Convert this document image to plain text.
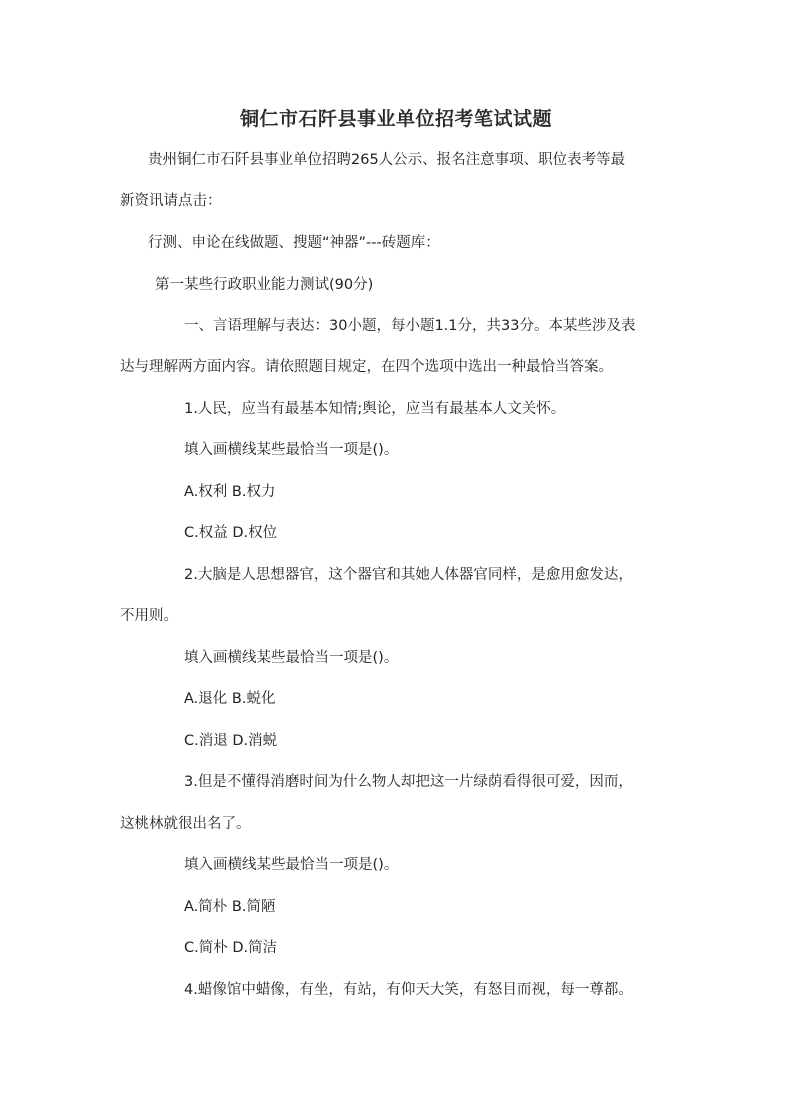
铜仁市石阡县事业单位招考笔试试题
贵州铜仁市石阡县事业单位招聘265人公示、报名注意事项、职位表考等最
新资讯请点击：
行测、申论在线做题、搜题“神器”---砖题库：
第一某些行政职业能力测试(90分)
一、言语理解与表达：30小题，每小题1.1分，共33分。本某些涉及表
达与理解两方面内容。请依照题目规定，在四个选项中选出一种最恰当答案。
1.人民，应当有最基本知情;舆论，应当有最基本人文关怀。
填入画横线某些最恰当一项是()。
A.权利 B.权力
C.权益 D.权位
2.大脑是人思想器官，这个器官和其她人体器官同样，是愈用愈发达，
不用则。
填入画横线某些最恰当一项是()。
A.退化 B.蜕化
C.消退 D.消蜕
3.但是不懂得消磨时间为什么物人却把这一片绿荫看得很可爱，因而，
这桃林就很出名了。
填入画横线某些最恰当一项是()。
A.简朴 B.简陋
C.简朴 D.简洁
4.蜡像馆中蜡像，有坐，有站，有仰天大笑，有怒目而视，每一尊都。
